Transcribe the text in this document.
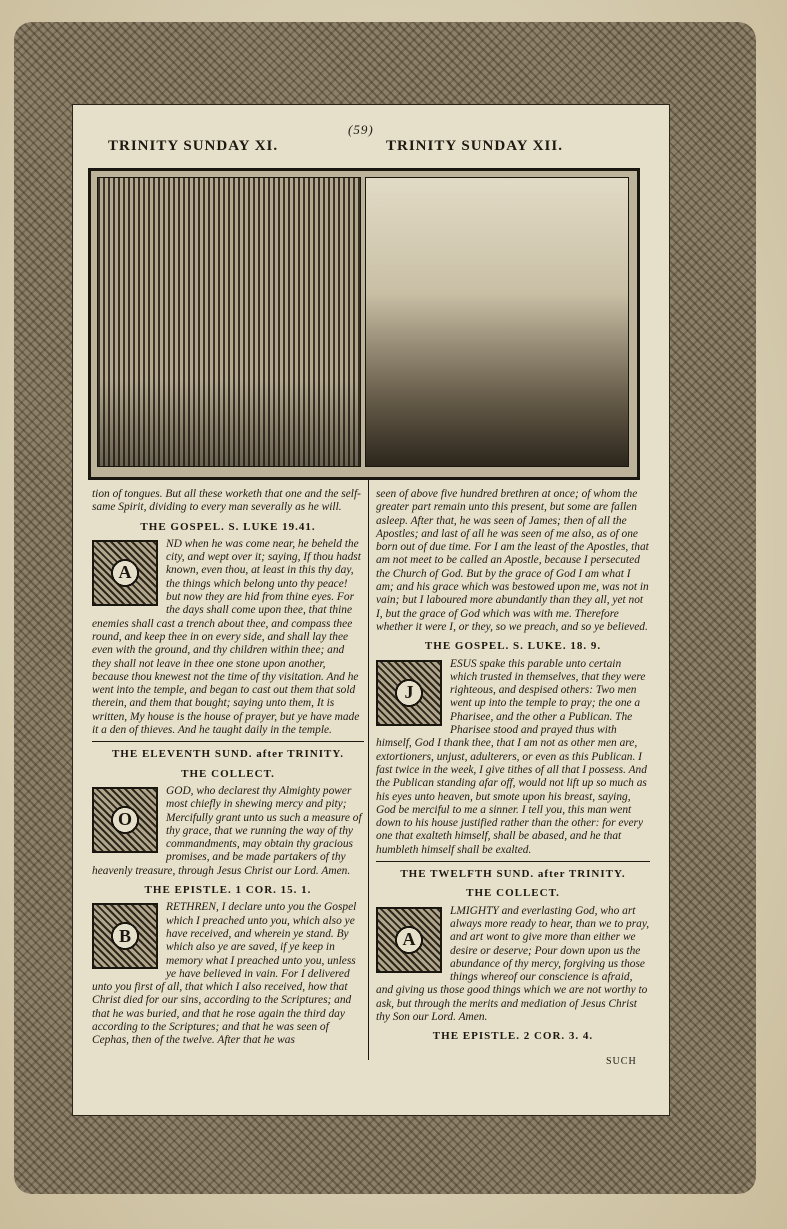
(59)
TRINITY SUNDAY XI.	TRINITY SUNDAY XII.

tion of tongues. But all these worketh that one and the self-same Spirit, dividing to every man severally as he will.

THE GOSPEL. S. LUKE 19.41.
A

ND when he was come near, he beheld the city, and wept over it; saying, If thou hadst known, even thou, at least in this thy day, the things which belong unto thy peace! but now they are hid from thine eyes. For the days shall come upon thee, that thine enemies shall cast a trench about thee, and compass thee round, and keep thee in on every side, and shall lay thee even with the ground, and thy children within thee; and they shall not leave in thee one stone upon another, because thou knewest not the time of thy visitation. And he went into the temple, and began to cast out them that sold therein, and them that bought; saying unto them, It is written, My house is the house of prayer, but ye have made it a den of thieves. And he taught daily in the temple.

THE ELEVENTH SUND. after TRINITY.
THE COLLECT.
O

GOD, who declarest thy Almighty power most chiefly in shewing mercy and pity; Mercifully grant unto us such a measure of thy grace, that we running the way of thy commandments, may obtain thy gracious promises, and be made partakers of thy heavenly treasure, through Jesus Christ our Lord. Amen.

THE EPISTLE. 1 COR. 15. 1.
B

RETHREN, I declare unto you the Gospel which I preached unto you, which also ye have received, and wherein ye stand. By which also ye are saved, if ye keep in memory what I preached unto you, unless ye have believed in vain. For I delivered unto you first of all, that which I also received, how that Christ died for our sins, according to the Scriptures; and that he was buried, and that he rose again the third day according to the Scriptures; and that he was seen of Cephas, then of the twelve. After that he was

seen of above five hundred brethren at once; of whom the greater part remain unto this present, but some are fallen asleep. After that, he was seen of James; then of all the Apostles; and last of all he was seen of me also, as of one born out of due time. For I am the least of the Apostles, that am not meet to be called an Apostle, because I persecuted the Church of God. But by the grace of God I am what I am; and his grace which was bestowed upon me, was not in vain; but I laboured more abundantly than they all, yet not I, but the grace of God which was with me. Therefore whether it were I, or they, so we preach, and so ye believed.

THE GOSPEL. S. LUKE. 18. 9.
J

ESUS spake this parable unto certain which trusted in themselves, that they were righteous, and despised others: Two men went up into the temple to pray; the one a Pharisee, and the other a Publican. The Pharisee stood and prayed thus with himself, God I thank thee, that I am not as other men are, extortioners, unjust, adulterers, or even as this Publican. I fast twice in the week, I give tithes of all that I possess. And the Publican standing afar off, would not lift up so much as his eyes unto heaven, but smote upon his breast, saying, God be merciful to me a sinner. I tell you, this man went down to his house justified rather than the other: for every one that exalteth himself, shall be abased, and he that humbleth himself shall be exalted.

THE TWELFTH SUND. after TRINITY.
THE COLLECT.
A

LMIGHTY and everlasting God, who art always more ready to hear, than we to pray, and art wont to give more than either we desire or deserve; Pour down upon us the abundance of thy mercy, forgiving us those things whereof our conscience is afraid, and giving us those good things which we are not worthy to ask, but through the merits and mediation of Jesus Christ thy Son our Lord. Amen.

THE EPISTLE. 2 COR. 3. 4.
SUCH
